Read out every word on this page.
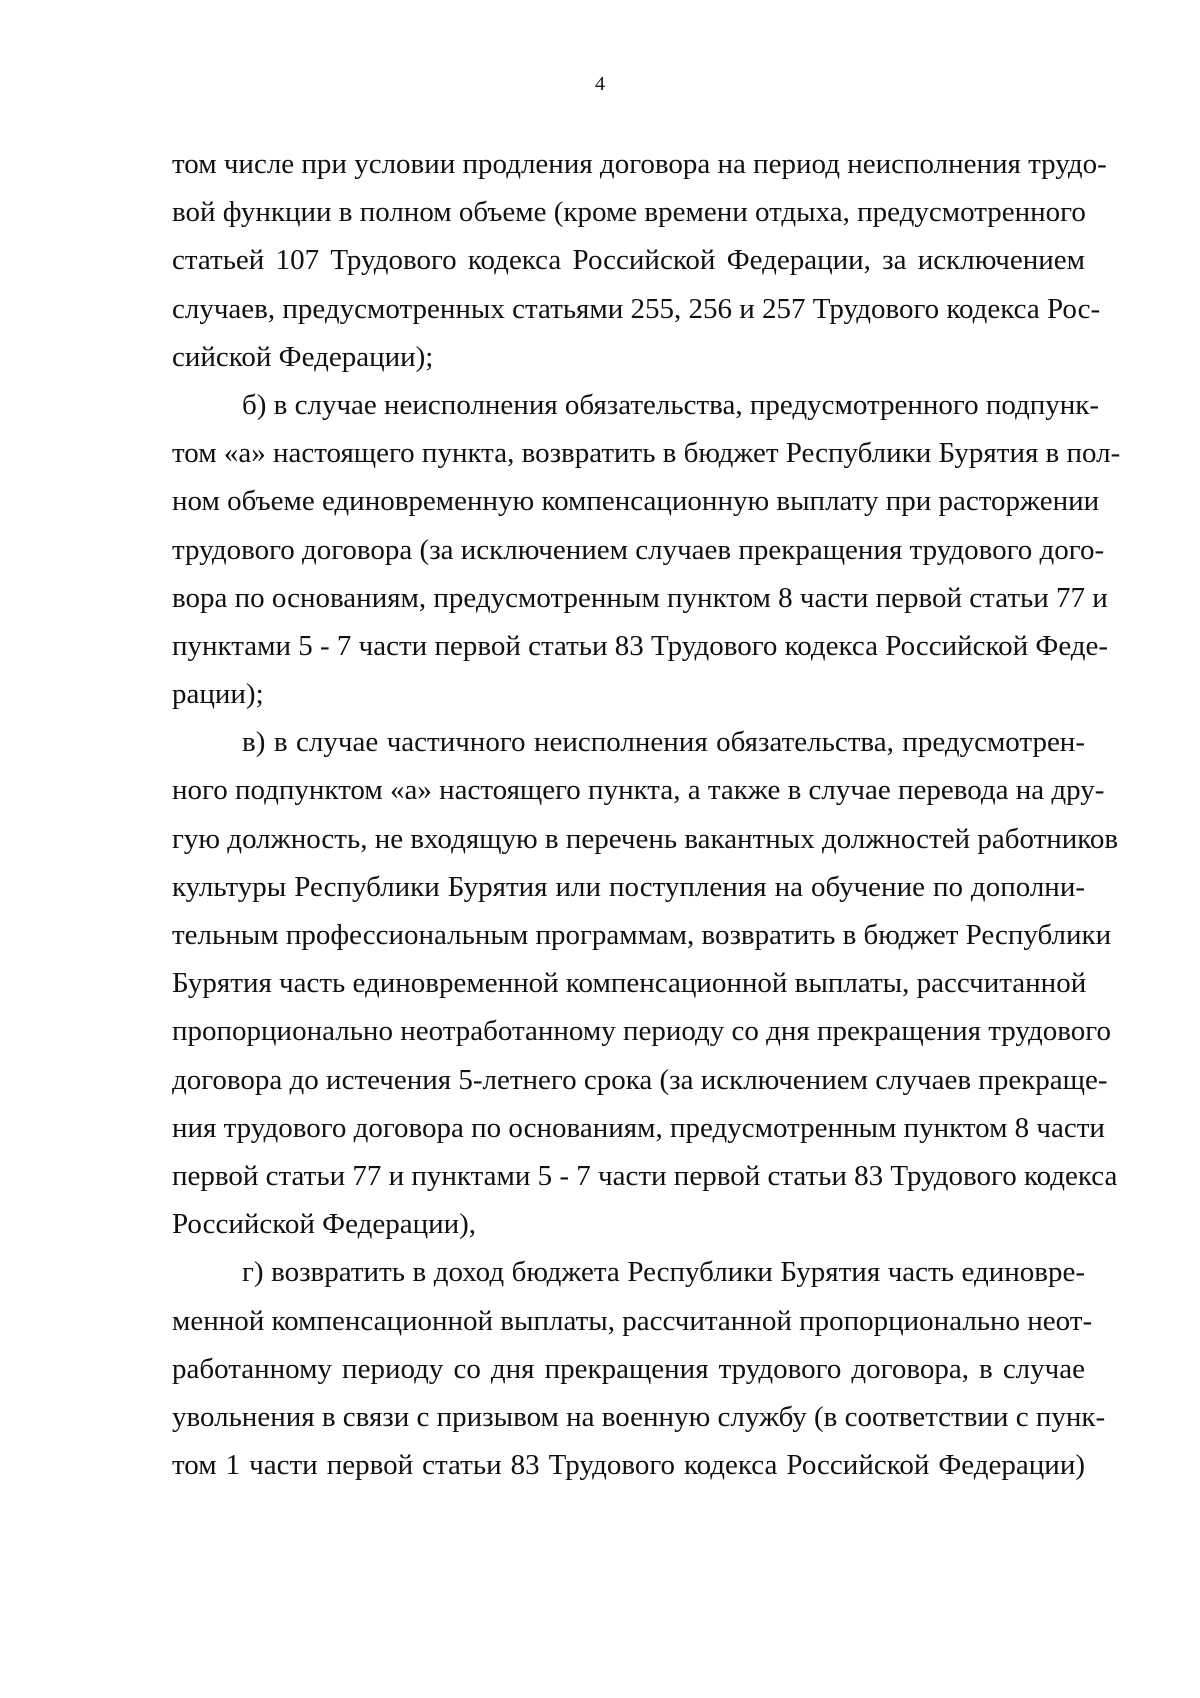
4
том числе при условии продления договора на период неисполнения трудо-
вой функции в полном объеме (кроме времени отдыха, предусмотренного
статьей 107 Трудового кодекса Российской Федерации, за исключением
случаев, предусмотренных статьями 255, 256 и 257 Трудового кодекса Рос-
сийской Федерации);
б) в случае неисполнения обязательства, предусмотренного подпунк-
том «а» настоящего пункта, возвратить в бюджет Республики Бурятия в пол-
ном объеме единовременную компенсационную выплату при расторжении
трудового договора (за исключением случаев прекращения трудового дого-
вора по основаниям, предусмотренным пунктом 8 части первой статьи 77 и
пунктами 5 - 7 части первой статьи 83 Трудового кодекса Российской Феде-
рации);
в) в случае частичного неисполнения обязательства, предусмотрен-
ного подпунктом «а» настоящего пункта, а также в случае перевода на дру-
гую должность, не входящую в перечень вакантных должностей работников
культуры Республики Бурятия или поступления на обучение по дополни-
тельным профессиональным программам, возвратить в бюджет Республики
Бурятия часть единовременной компенсационной выплаты, рассчитанной
пропорционально неотработанному периоду со дня прекращения трудового
договора до истечения 5-летнего срока (за исключением случаев прекраще-
ния трудового договора по основаниям, предусмотренным пунктом 8 части
первой статьи 77 и пунктами 5 - 7 части первой статьи 83 Трудового кодекса
Российской Федерации),
г) возвратить в доход бюджета Республики Бурятия часть единовре-
менной компенсационной выплаты, рассчитанной пропорционально неот-
работанному периоду со дня прекращения трудового договора, в случае
увольнения в связи с призывом на военную службу (в соответствии с пунк-
том 1 части первой статьи 83 Трудового кодекса Российской Федерации)
